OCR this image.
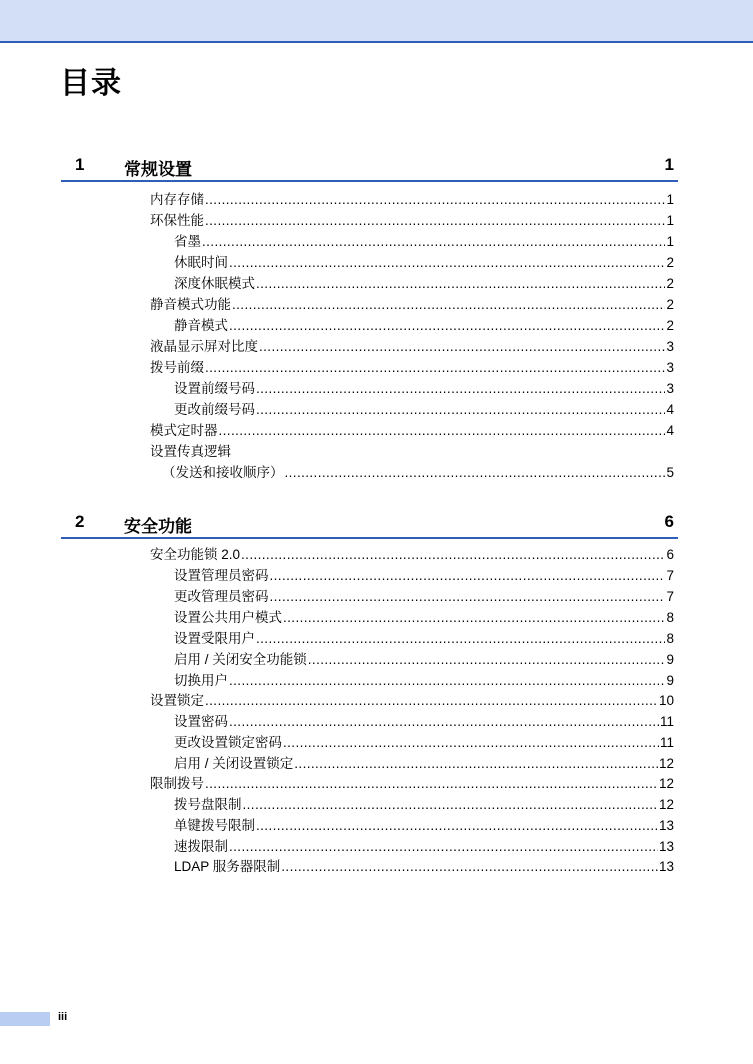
目录
1 常规设置	1
内存存储 .....	1
环保性能 .....	1
省墨 .....	1
休眠时间 .....	2
深度休眠模式 .....	2
静音模式功能 .....	2
静音模式 .....	2
液晶显示屏对比度 .....	3
拨号前缀 .....	3
设置前缀号码 .....	3
更改前缀号码 .....	4
模式定时器 .....	4
设置传真逻辑
（发送和接收顺序） .....	5
2 安全功能	6
安全功能锁 2.0 .....	6
设置管理员密码 .....	7
更改管理员密码 .....	7
设置公共用户模式 .....	8
设置受限用户 .....	8
启用 / 关闭安全功能锁 .....	9
切换用户 .....	9
设置锁定 .....	10
设置密码 .....	11
更改设置锁定密码 .....	11
启用 / 关闭设置锁定 .....	12
限制拨号 .....	12
拨号盘限制 .....	12
单键拨号限制 .....	13
速拨限制 .....	13
LDAP 服务器限制 .....	13
iii
